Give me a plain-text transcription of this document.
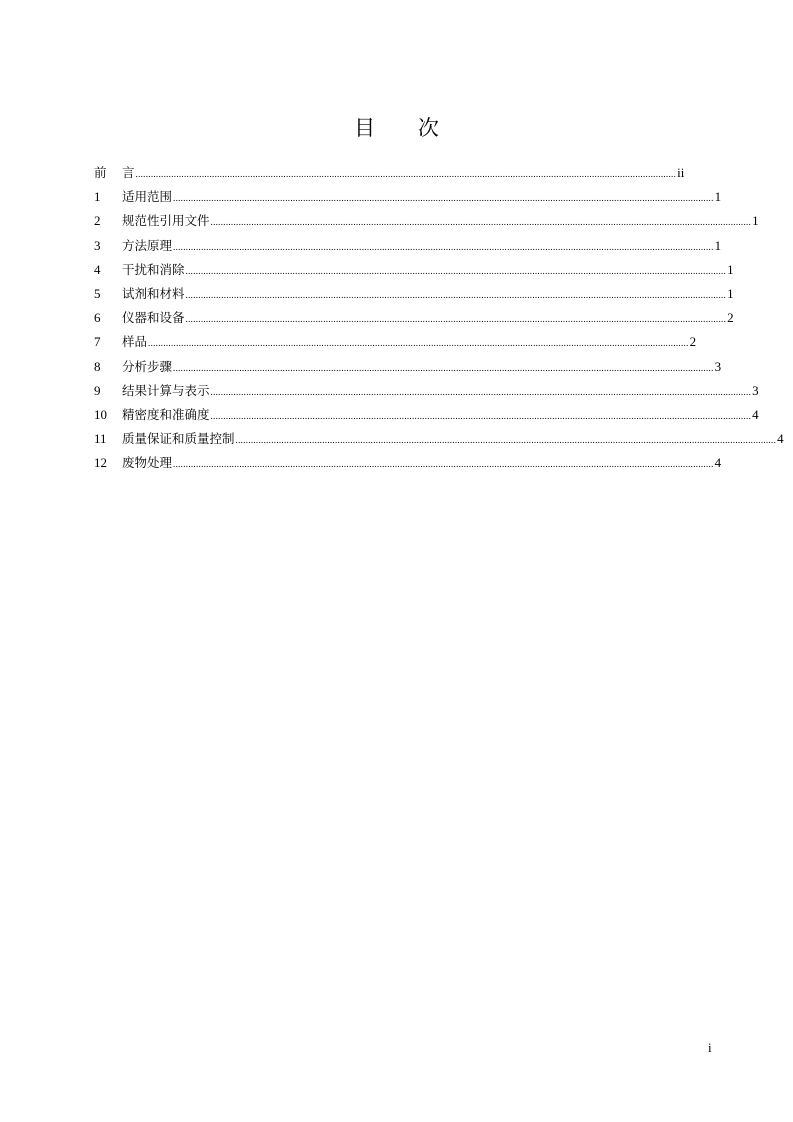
目 次
前	言 .................................................................................................................................................................................................................... ii
1	适用范围 .................................................................................................................................................................................................................... 1
2	规范性引用文件 .................................................................................................................................................................................................................... 1
3	方法原理 .................................................................................................................................................................................................................... 1
4	干扰和消除 .................................................................................................................................................................................................................... 1
5	试剂和材料 .................................................................................................................................................................................................................... 1
6	仪器和设备 .................................................................................................................................................................................................................... 2
7	样品 .................................................................................................................................................................................................................... 2
8	分析步骤 .................................................................................................................................................................................................................... 3
9	结果计算与表示 .................................................................................................................................................................................................................... 3
10	精密度和准确度 .................................................................................................................................................................................................................... 4
11	质量保证和质量控制 .................................................................................................................................................................................................................... 4
12	废物处理 .................................................................................................................................................................................................................... 4
i
